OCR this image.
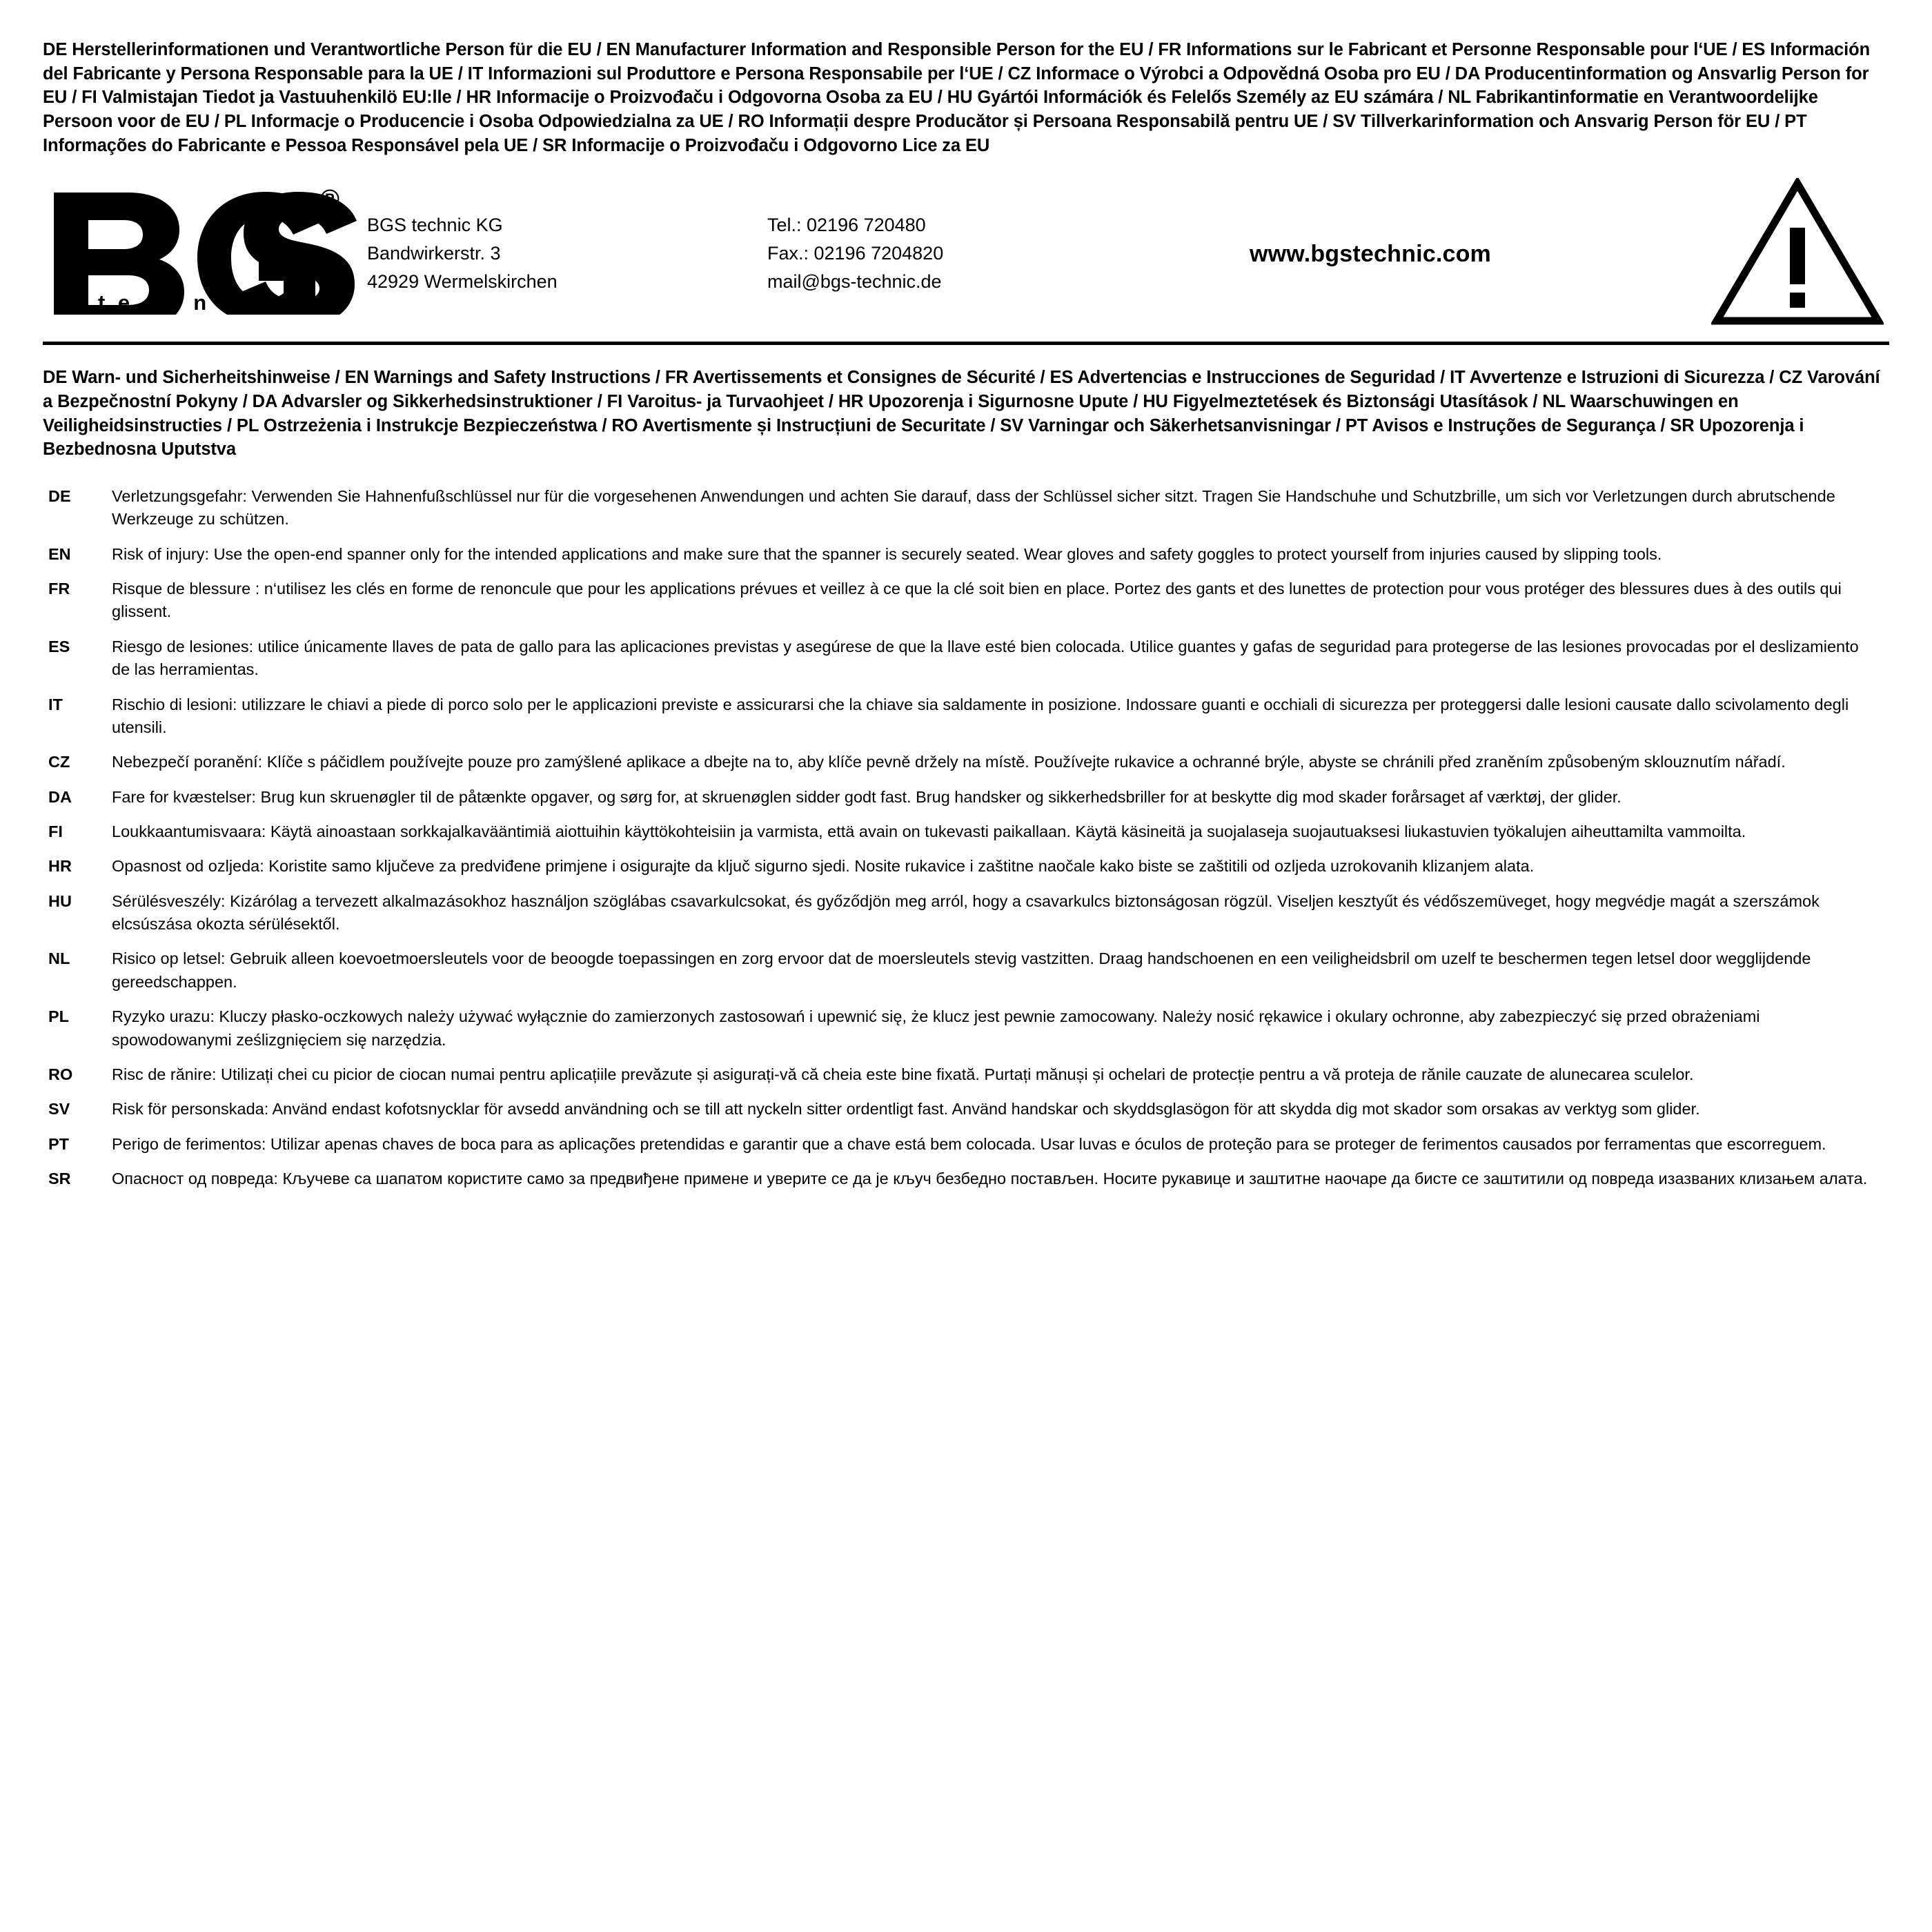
DE Herstellerinformationen und Verantwortliche Person für die EU / EN Manufacturer Information and Responsible Person for the EU / FR Informations sur le Fabricant et Personne Responsable pour l‘UE / ES Información del Fabricante y Persona Responsable para la UE / IT Informazioni sul Produttore e Persona Responsabile per l‘UE / CZ Informace o Výrobci a Odpovědná Osoba pro EU / DA Producentinformation og Ansvarlig Person for EU / FI Valmistajan Tiedot ja Vastuuhenkilö EU:lle / HR Informacije o Proizvođaču i Odgovorna Osoba za EU / HU Gyártói Információk és Felelős Személy az EU számára / NL Fabrikantinformatie en Verantwoordelijke Persoon voor de EU / PL Informacje o Producencie i Osoba Odpowiedzialna za UE / RO Informații despre Producător și Persoana Responsabilă pentru UE / SV Tillverkarinformation och Ansvarig Person för EU / PT Informações do Fabricante e Pessoa Responsável pela UE / SR Informacije o Proizvođaču i Odgovorno Lice za EU
®
t e c h n i c
BGS technic KG
Bandwirkerstr. 3
42929 Wermelskirchen
Tel.: 02196 720480
Fax.: 02196 7204820
mail@bgs-technic.de
www.bgstechnic.com
DE Warn- und Sicherheitshinweise / EN Warnings and Safety Instructions / FR Avertissements et Consignes de Sécurité / ES Advertencias e Instrucciones de Seguridad / IT Avvertenze e Istruzioni di Sicurezza / CZ Varování a Bezpečnostní Pokyny / DA Advarsler og Sikkerhedsinstruktioner / FI Varoitus- ja Turvaohjeet / HR Upozorenja i Sigurnosne Upute / HU Figyelmeztetések és Biztonsági Utasítások / NL Waarschuwingen en Veiligheidsinstructies / PL Ostrzeżenia i Instrukcje Bezpieczeństwa / RO Avertismente și Instrucțiuni de Securitate / SV Varningar och Säkerhetsanvisningar / PT Avisos e Instruções de Segurança / SR Upozorenja i Bezbednosna Uputstva
DE	Verletzungsgefahr: Verwenden Sie Hahnenfußschlüssel nur für die vorgesehenen Anwendungen und achten Sie darauf, dass der Schlüssel sicher sitzt. Tragen Sie Handschuhe und Schutzbrille, um sich vor Verletzungen durch abrutschende Werkzeuge zu schützen.
EN	Risk of injury: Use the open-end spanner only for the intended applications and make sure that the spanner is securely seated. Wear gloves and safety goggles to protect yourself from injuries caused by slipping tools.
FR	Risque de blessure : n‘utilisez les clés en forme de renoncule que pour les applications prévues et veillez à ce que la clé soit bien en place. Portez des gants et des lunettes de protection pour vous protéger des blessures dues à des outils qui glissent.
ES	Riesgo de lesiones: utilice únicamente llaves de pata de gallo para las aplicaciones previstas y asegúrese de que la llave esté bien colocada. Utilice guantes y gafas de seguridad para protegerse de las lesiones provocadas por el deslizamiento de las herramientas.
IT	Rischio di lesioni: utilizzare le chiavi a piede di porco solo per le applicazioni previste e assicurarsi che la chiave sia saldamente in posizione. Indossare guanti e occhiali di sicurezza per proteggersi dalle lesioni causate dallo scivolamento degli utensili.
CZ	Nebezpečí poranění: Klíče s páčidlem používejte pouze pro zamýšlené aplikace a dbejte na to, aby klíče pevně držely na místě. Používejte rukavice a ochranné brýle, abyste se chránili před zraněním způsobeným sklouznutím nářadí.
DA	Fare for kvæstelser: Brug kun skruenøgler til de påtænkte opgaver, og sørg for, at skruenøglen sidder godt fast. Brug handsker og sikkerhedsbriller for at beskytte dig mod skader forårsaget af værktøj, der glider.
FI	Loukkaantumisvaara: Käytä ainoastaan sorkkajalkavääntimiä aiottuihin käyttökohteisiin ja varmista, että avain on tukevasti paikallaan. Käytä käsineitä ja suojalaseja suojautuaksesi liukastuvien työkalujen aiheuttamilta vammoilta.
HR	Opasnost od ozljeda: Koristite samo ključeve za predviđene primjene i osigurajte da ključ sigurno sjedi. Nosite rukavice i zaštitne naočale kako biste se zaštitili od ozljeda uzrokovanih klizanjem alata.
HU	Sérülésveszély: Kizárólag a tervezett alkalmazásokhoz használjon szöglábas csavarkulcsokat, és győződjön meg arról, hogy a csavarkulcs biztonságosan rögzül. Viseljen kesztyűt és védőszemüveget, hogy megvédje magát a szerszámok elcsúszása okozta sérülésektől.
NL	Risico op letsel: Gebruik alleen koevoetmoersleutels voor de beoogde toepassingen en zorg ervoor dat de moersleutels stevig vastzitten. Draag handschoenen en een veiligheidsbril om uzelf te beschermen tegen letsel door wegglijdende gereedschappen.
PL	Ryzyko urazu: Kluczy płasko-oczkowych należy używać wyłącznie do zamierzonych zastosowań i upewnić się, że klucz jest pewnie zamocowany. Należy nosić rękawice i okulary ochronne, aby zabezpieczyć się przed obrażeniami spowodowanymi ześlizgnięciem się narzędzia.
RO	Risc de rănire: Utilizați chei cu picior de ciocan numai pentru aplicațiile prevăzute și asigurați-vă că cheia este bine fixată. Purtați mănuși și ochelari de protecție pentru a vă proteja de rănile cauzate de alunecarea sculelor.
SV	Risk för personskada: Använd endast kofotsnycklar för avsedd användning och se till att nyckeln sitter ordentligt fast. Använd handskar och skyddsglasögon för att skydda dig mot skador som orsakas av verktyg som glider.
PT	Perigo de ferimentos: Utilizar apenas chaves de boca para as aplicações pretendidas e garantir que a chave está bem colocada. Usar luvas e óculos de proteção para se proteger de ferimentos causados por ferramentas que escorreguem.
SR	Опасност од повреда: Кључеве са шапатом користите само за предвиђене примене и уверите се да је кључ безбедно постављен. Носите рукавице и заштитне наочаре да бисте се заштитили од повреда изазваних клизањем алата.
